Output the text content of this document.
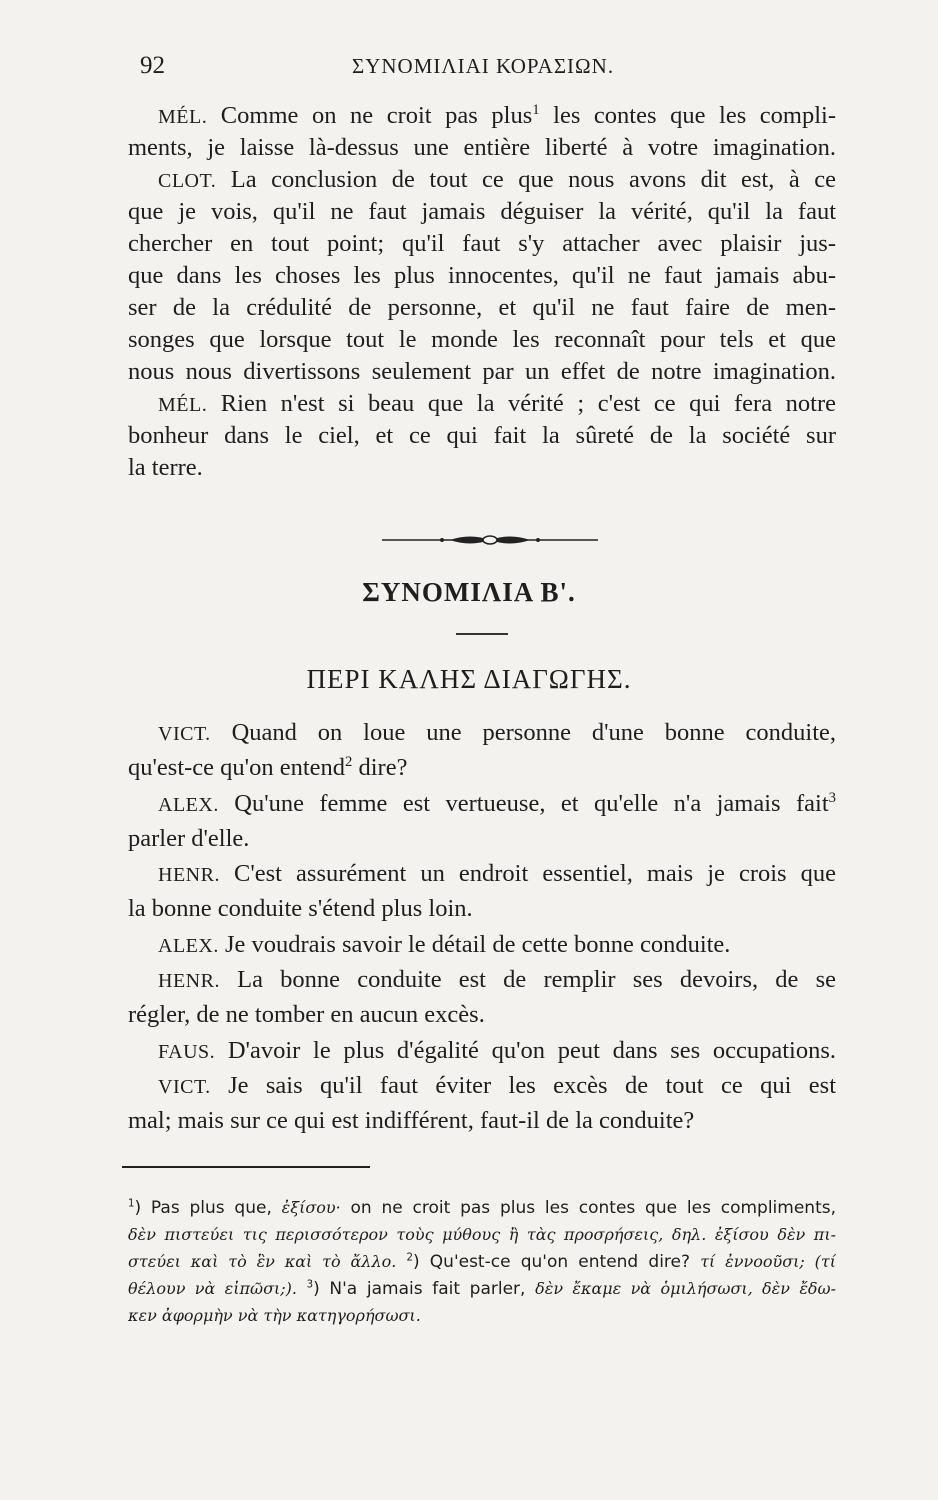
92	ΣΥΝΟΜΙΛΙΑΙ ΚΟΡΑΣΙΩΝ.
MÉL. Comme on ne croit pas plus$^1$ les contes que les compli-
ments, je laisse là-dessus une entière liberté à votre imagination.
CLOT. La conclusion de tout ce que nous avons dit est, à ce
que je vois, qu'il ne faut jamais déguiser la vérité, qu'il la faut
chercher en tout point; qu'il faut s'y attacher avec plaisir jus-
que dans les choses les plus innocentes, qu'il ne faut jamais abu-
ser de la crédulité de personne, et qu'il ne faut faire de men-
songes que lorsque tout le monde les reconnaît pour tels et que
nous nous divertissons seulement par un effet de notre imagination.
MÉL. Rien n'est si beau que la vérité ; c'est ce qui fera notre
bonheur dans le ciel, et ce qui fait la sûreté de la société sur
la terre.
ΣΥΝΟΜΙΛΙΑ Β'.
ΠΕΡΙ ΚΑΛΗΣ ΔΙΑΓΩΓΗΣ.
VICT. Quand on loue une personne d'une bonne conduite,
qu'est-ce qu'on entend$^2$ dire?
ALEX. Qu'une femme est vertueuse, et qu'elle n'a jamais fait$^3$
parler d'elle.
HENR. C'est assurément un endroit essentiel, mais je crois que
la bonne conduite s'étend plus loin.
ALEX. Je voudrais savoir le détail de cette bonne conduite.
HENR. La bonne conduite est de remplir ses devoirs, de se
régler, de ne tomber en aucun excès.
FAUS. D'avoir le plus d'égalité qu'on peut dans ses occupations.
VICT. Je sais qu'il faut éviter les excès de tout ce qui est
mal; mais sur ce qui est indifférent, faut-il de la conduite?
$^1$) Pas plus que, ἐξίσου· on ne croit pas plus les contes que les compliments,
δὲν πιστεύει τις περισσότερον τοὺς μύθους ἢ τὰς προσρήσεις, δηλ. ἐξίσου δὲν πι-
στεύει καὶ τὸ ἓν καὶ τὸ ἄλλο. $^2$) Qu'est-ce qu'on entend dire? τί ἐννοοῦσι; (τί
θέλουν νὰ εἰπῶσι;). $^3$) N'a jamais fait parler, δὲν ἔκαμε νὰ ὁμιλήσωσι, δὲν ἔδω-
κεν ἀφορμὴν νὰ τὴν κατηγορήσωσι.
